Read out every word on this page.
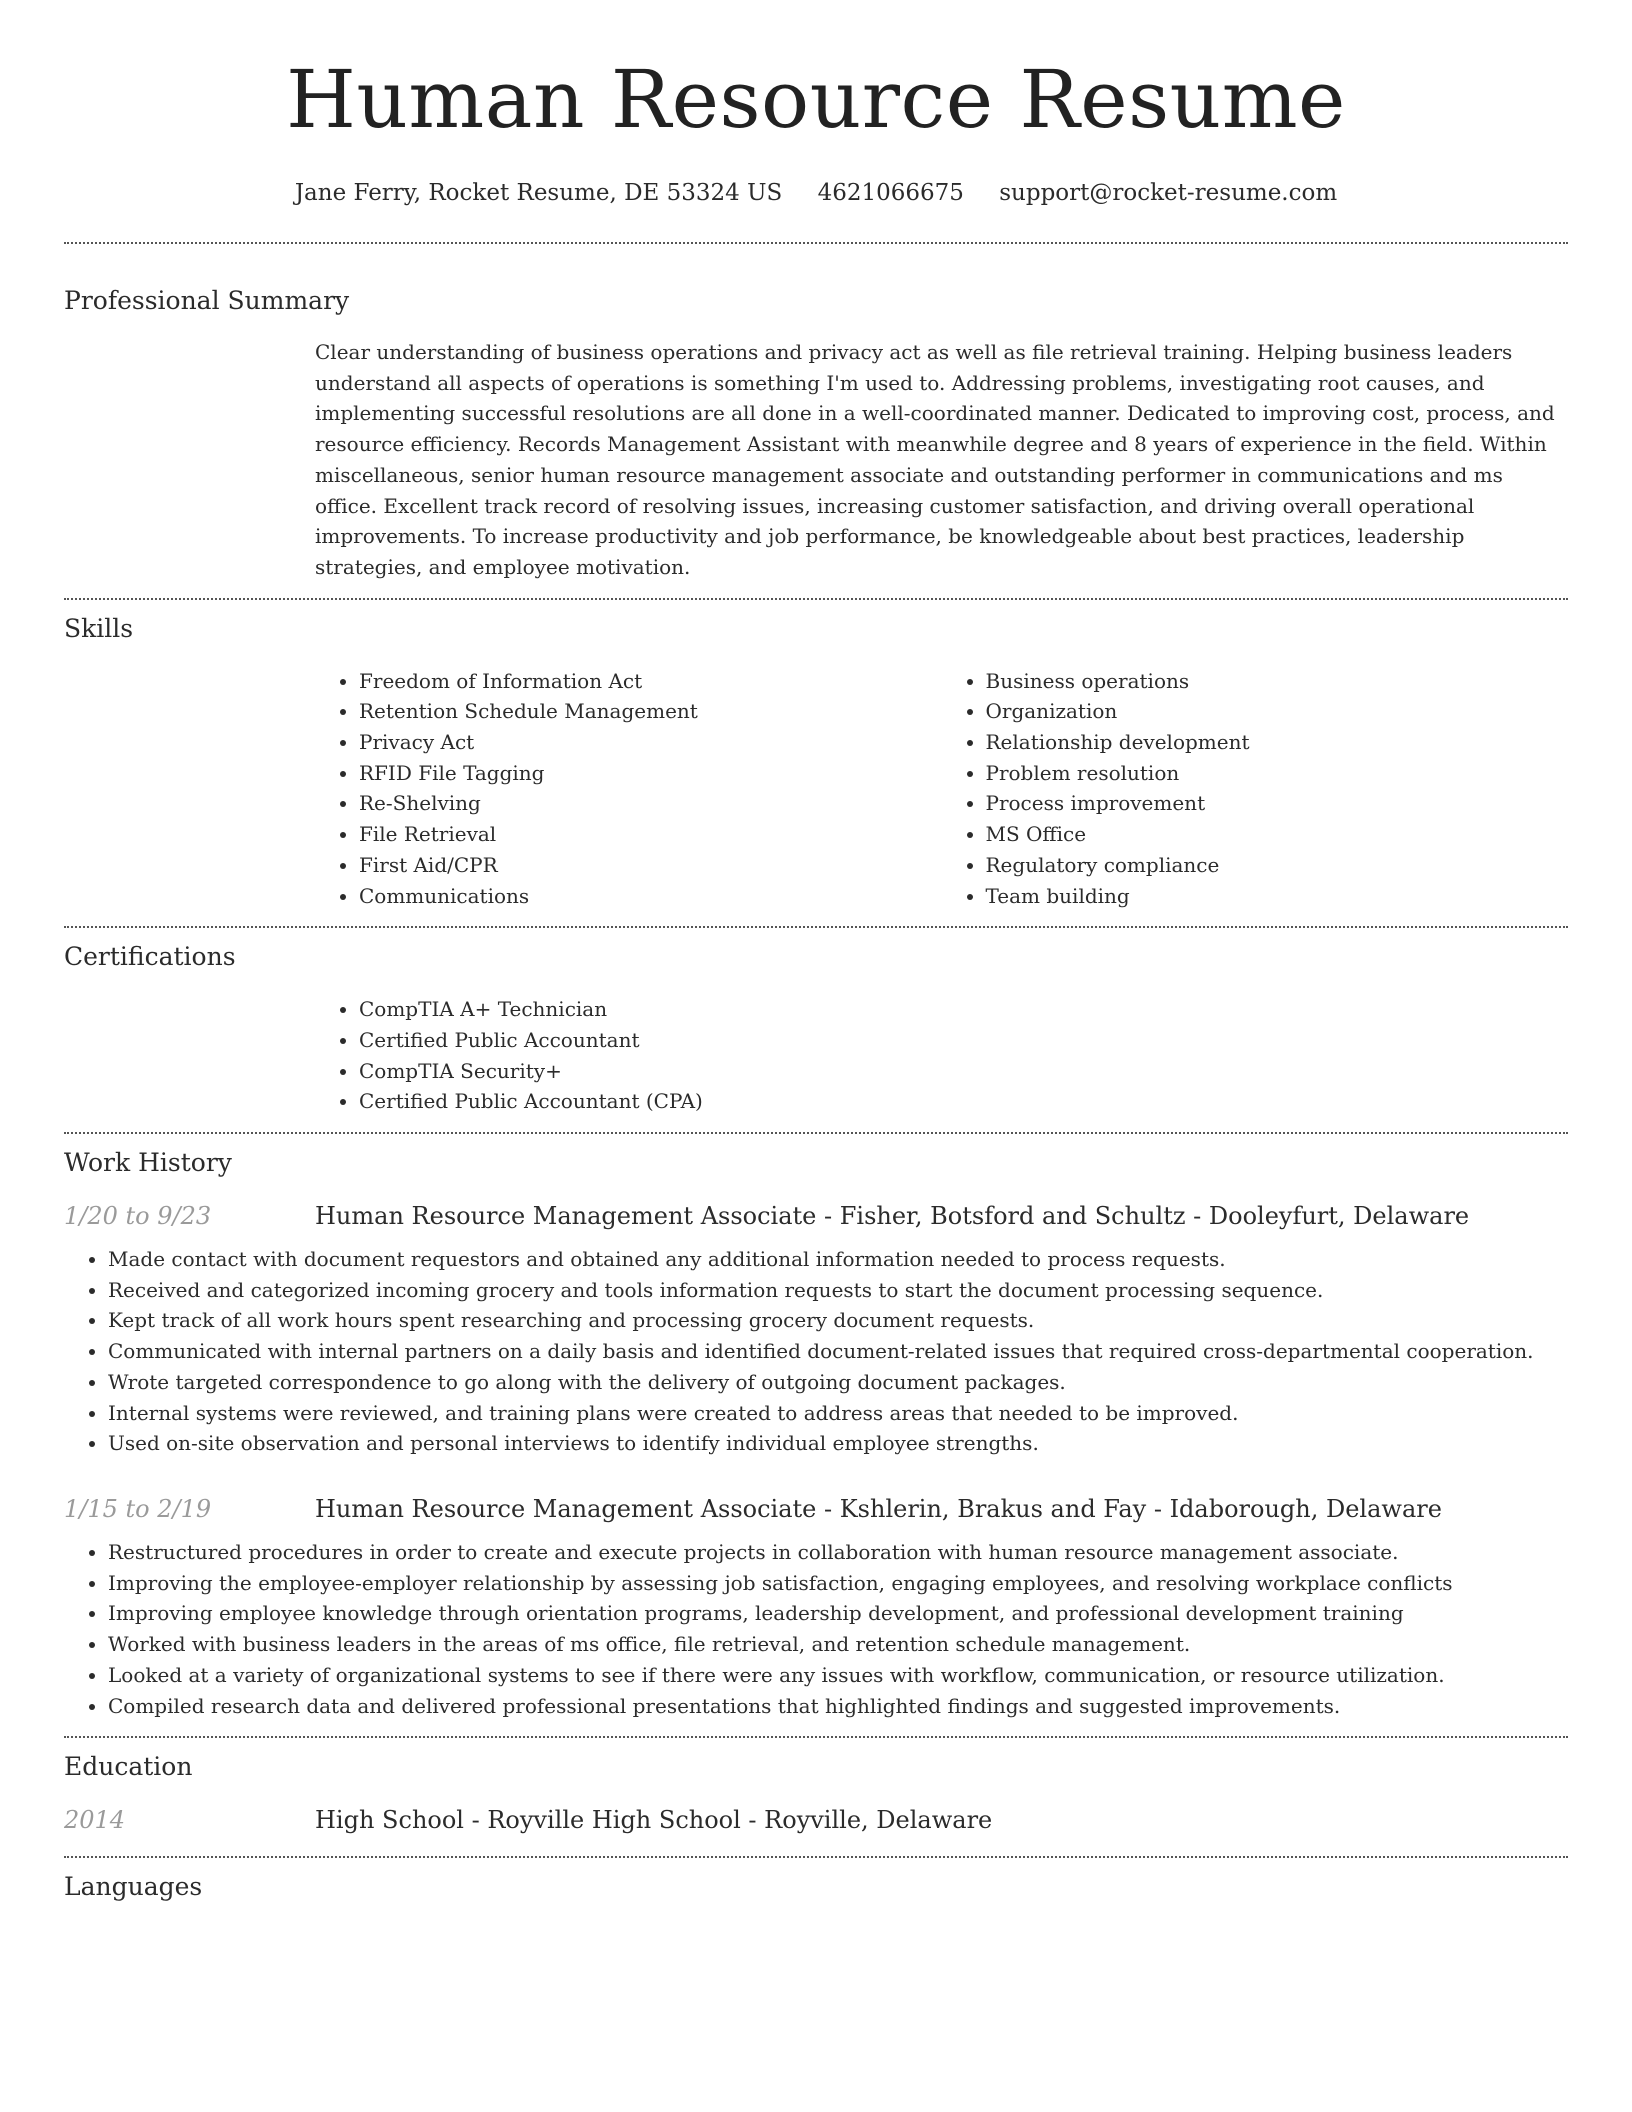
Human Resource Resume
Jane Ferry, Rocket Resume, DE 53324 US 4621066675 support@rocket-resume.com
Professional Summary
Clear understanding of business operations and privacy act as well as file retrieval training. Helping business leaders understand all aspects of operations is something I'm used to. Addressing problems, investigating root causes, and implementing successful resolutions are all done in a well-coordinated manner. Dedicated to improving cost, process, and resource efficiency. Records Management Assistant with meanwhile degree and 8 years of experience in the field. Within miscellaneous, senior human resource management associate and outstanding performer in communications and ms office. Excellent track record of resolving issues, increasing customer satisfaction, and driving overall operational improvements. To increase productivity and job performance, be knowledgeable about best practices, leadership strategies, and employee motivation.
Skills
• Freedom of Information Act
• Retention Schedule Management
• Privacy Act
• RFID File Tagging
• Re-Shelving
• File Retrieval
• First Aid/CPR
• Communications
• Business operations
• Organization
• Relationship development
• Problem resolution
• Process improvement
• MS Office
• Regulatory compliance
• Team building
Certifications
• CompTIA A+ Technician
• Certified Public Accountant
• CompTIA Security+
• Certified Public Accountant (CPA)
Work History
1/20 to 9/23	Human Resource Management Associate - Fisher, Botsford and Schultz - Dooleyfurt, Delaware
• Made contact with document requestors and obtained any additional information needed to process requests.
• Received and categorized incoming grocery and tools information requests to start the document processing sequence.
• Kept track of all work hours spent researching and processing grocery document requests.
• Communicated with internal partners on a daily basis and identified document-related issues that required cross-departmental cooperation.
• Wrote targeted correspondence to go along with the delivery of outgoing document packages.
• Internal systems were reviewed, and training plans were created to address areas that needed to be improved.
• Used on-site observation and personal interviews to identify individual employee strengths.
1/15 to 2/19	Human Resource Management Associate - Kshlerin, Brakus and Fay - Idaborough, Delaware
• Restructured procedures in order to create and execute projects in collaboration with human resource management associate.
• Improving the employee-employer relationship by assessing job satisfaction, engaging employees, and resolving workplace conflicts
• Improving employee knowledge through orientation programs, leadership development, and professional development training
• Worked with business leaders in the areas of ms office, file retrieval, and retention schedule management.
• Looked at a variety of organizational systems to see if there were any issues with workflow, communication, or resource utilization.
• Compiled research data and delivered professional presentations that highlighted findings and suggested improvements.
Education
2014	High School - Royville High School - Royville, Delaware
Languages
